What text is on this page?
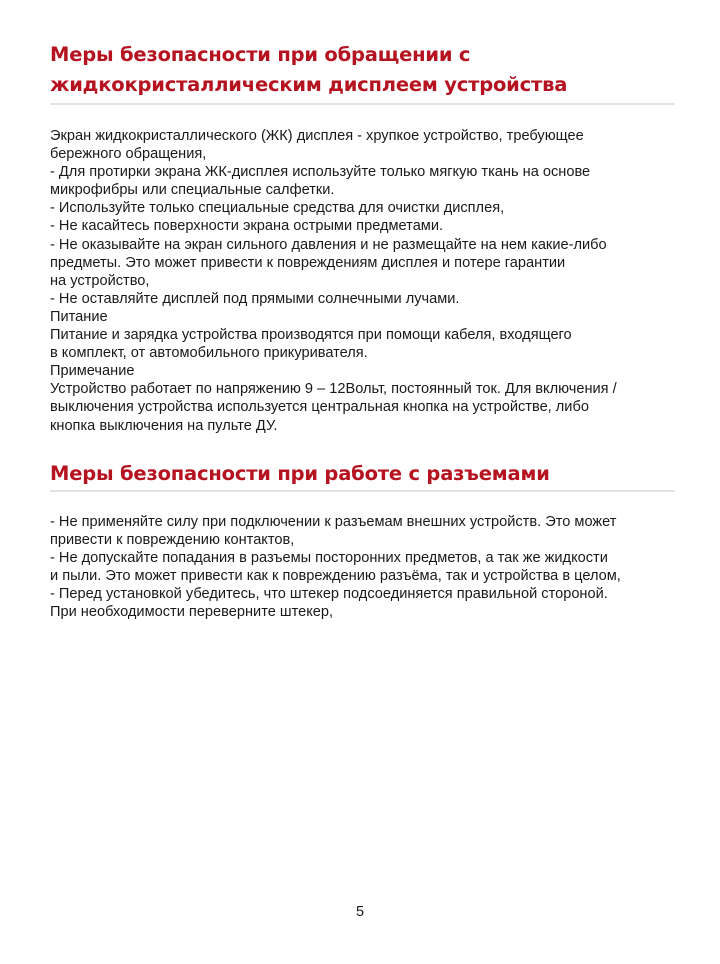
Меры безопасности при обращении с
жидкокристаллическим дисплеем устройства
Экран жидкокристаллического (ЖК) дисплея - хрупкое устройство, требующее
бережного обращения,
- Для протирки экрана ЖК-дисплея используйте только мягкую ткань на основе
микрофибры или специальные салфетки.
- Используйте только специальные средства для очистки дисплея,
- Не касайтесь поверхности экрана острыми предметами.
- Не оказывайте на экран сильного давления и не размещайте на нем какие-либо
предметы. Это может привести к повреждениям дисплея и потере гарантии
на устройство,
- Не оставляйте дисплей под прямыми солнечными лучами.
Питание
Питание и зарядка устройства производятся при помощи кабеля, входящего
в комплект, от автомобильного прикуривателя.
Примечание
Устройство работает по напряжению 9 – 12Вольт, постоянный ток. Для включения /
выключения устройства используется центральная кнопка на устройстве, либо
кнопка выключения на пульте ДУ.
Меры безопасности при работе с разъемами
- Не применяйте силу при подключении к разъемам внешних устройств. Это может
привести к повреждению контактов,
- Не допускайте попадания в разъемы посторонних предметов, а так же жидкости
и пыли. Это может привести как к повреждению разъёма, так и устройства в целом,
- Перед установкой убедитесь, что штекер подсоединяется правильной стороной.
При необходимости переверните штекер,
5
